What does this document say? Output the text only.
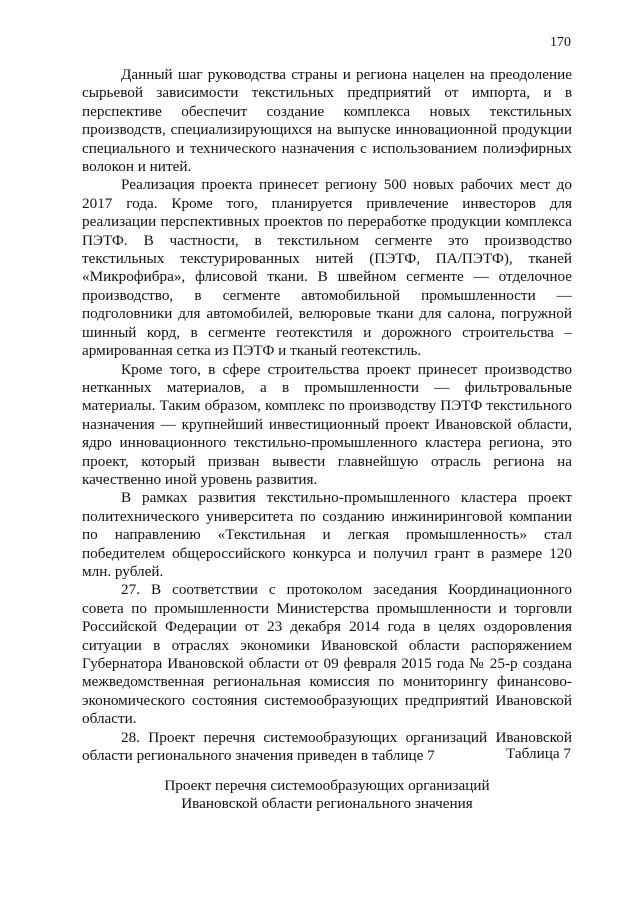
170

Данный шаг руководства страны и региона нацелен на преодоление сырьевой зависимости текстильных предприятий от импорта, и в перспективе обеспечит создание комплекса новых текстильных производств, специализирующихся на выпуске инновационной продукции специального и технического назначения с использованием полиэфирных волокон и нитей.

Реализация проекта принесет региону 500 новых рабочих мест до 2017 года. Кроме того, планируется привлечение инвесторов для реализации перспективных проектов по переработке продукции комплекса ПЭТФ. В частности, в текстильном сегменте это производство текстильных текстурированных нитей (ПЭТФ, ПА/ПЭТФ), тканей «Микрофибра», флисовой ткани. В швейном сегменте — отделочное производство, в сегменте автомобильной промышленности — подголовники для автомобилей, велюровые ткани для салона, погружной шинный корд, в сегменте геотекстиля и дорожного строительства – армированная сетка из ПЭТФ и тканый геотекстиль.

Кроме того, в сфере строительства проект принесет производство нетканных материалов, а в промышленности — фильтровальные материалы. Таким образом, комплекс по производству ПЭТФ текстильного назначения — крупнейший инвестиционный проект Ивановской области, ядро инновационного текстильно-промышленного кластера региона, это проект, который призван вывести главнейшую отрасль региона на качественно иной уровень развития.

В рамках развития текстильно-промышленного кластера проект политехнического университета по созданию инжиниринговой компании по направлению «Текстильная и легкая промышленность» стал победителем общероссийского конкурса и получил грант в размере 120 млн. рублей.

27. В соответствии с протоколом заседания Координационного совета по промышленности Министерства промышленности и торговли Российской Федерации от 23 декабря 2014 года в целях оздоровления ситуации в отраслях экономики Ивановской области распоряжением Губернатора Ивановской области от 09 февраля 2015 года № 25-р создана межведомственная региональная комиссия по мониторингу финансово-экономического состояния системообразующих предприятий Ивановской области.

28. Проект перечня системообразующих организаций Ивановской области регионального значения приведен в таблице 7	Таблица 7
Проект перечня системообразующих организаций
Ивановской области регионального значения
